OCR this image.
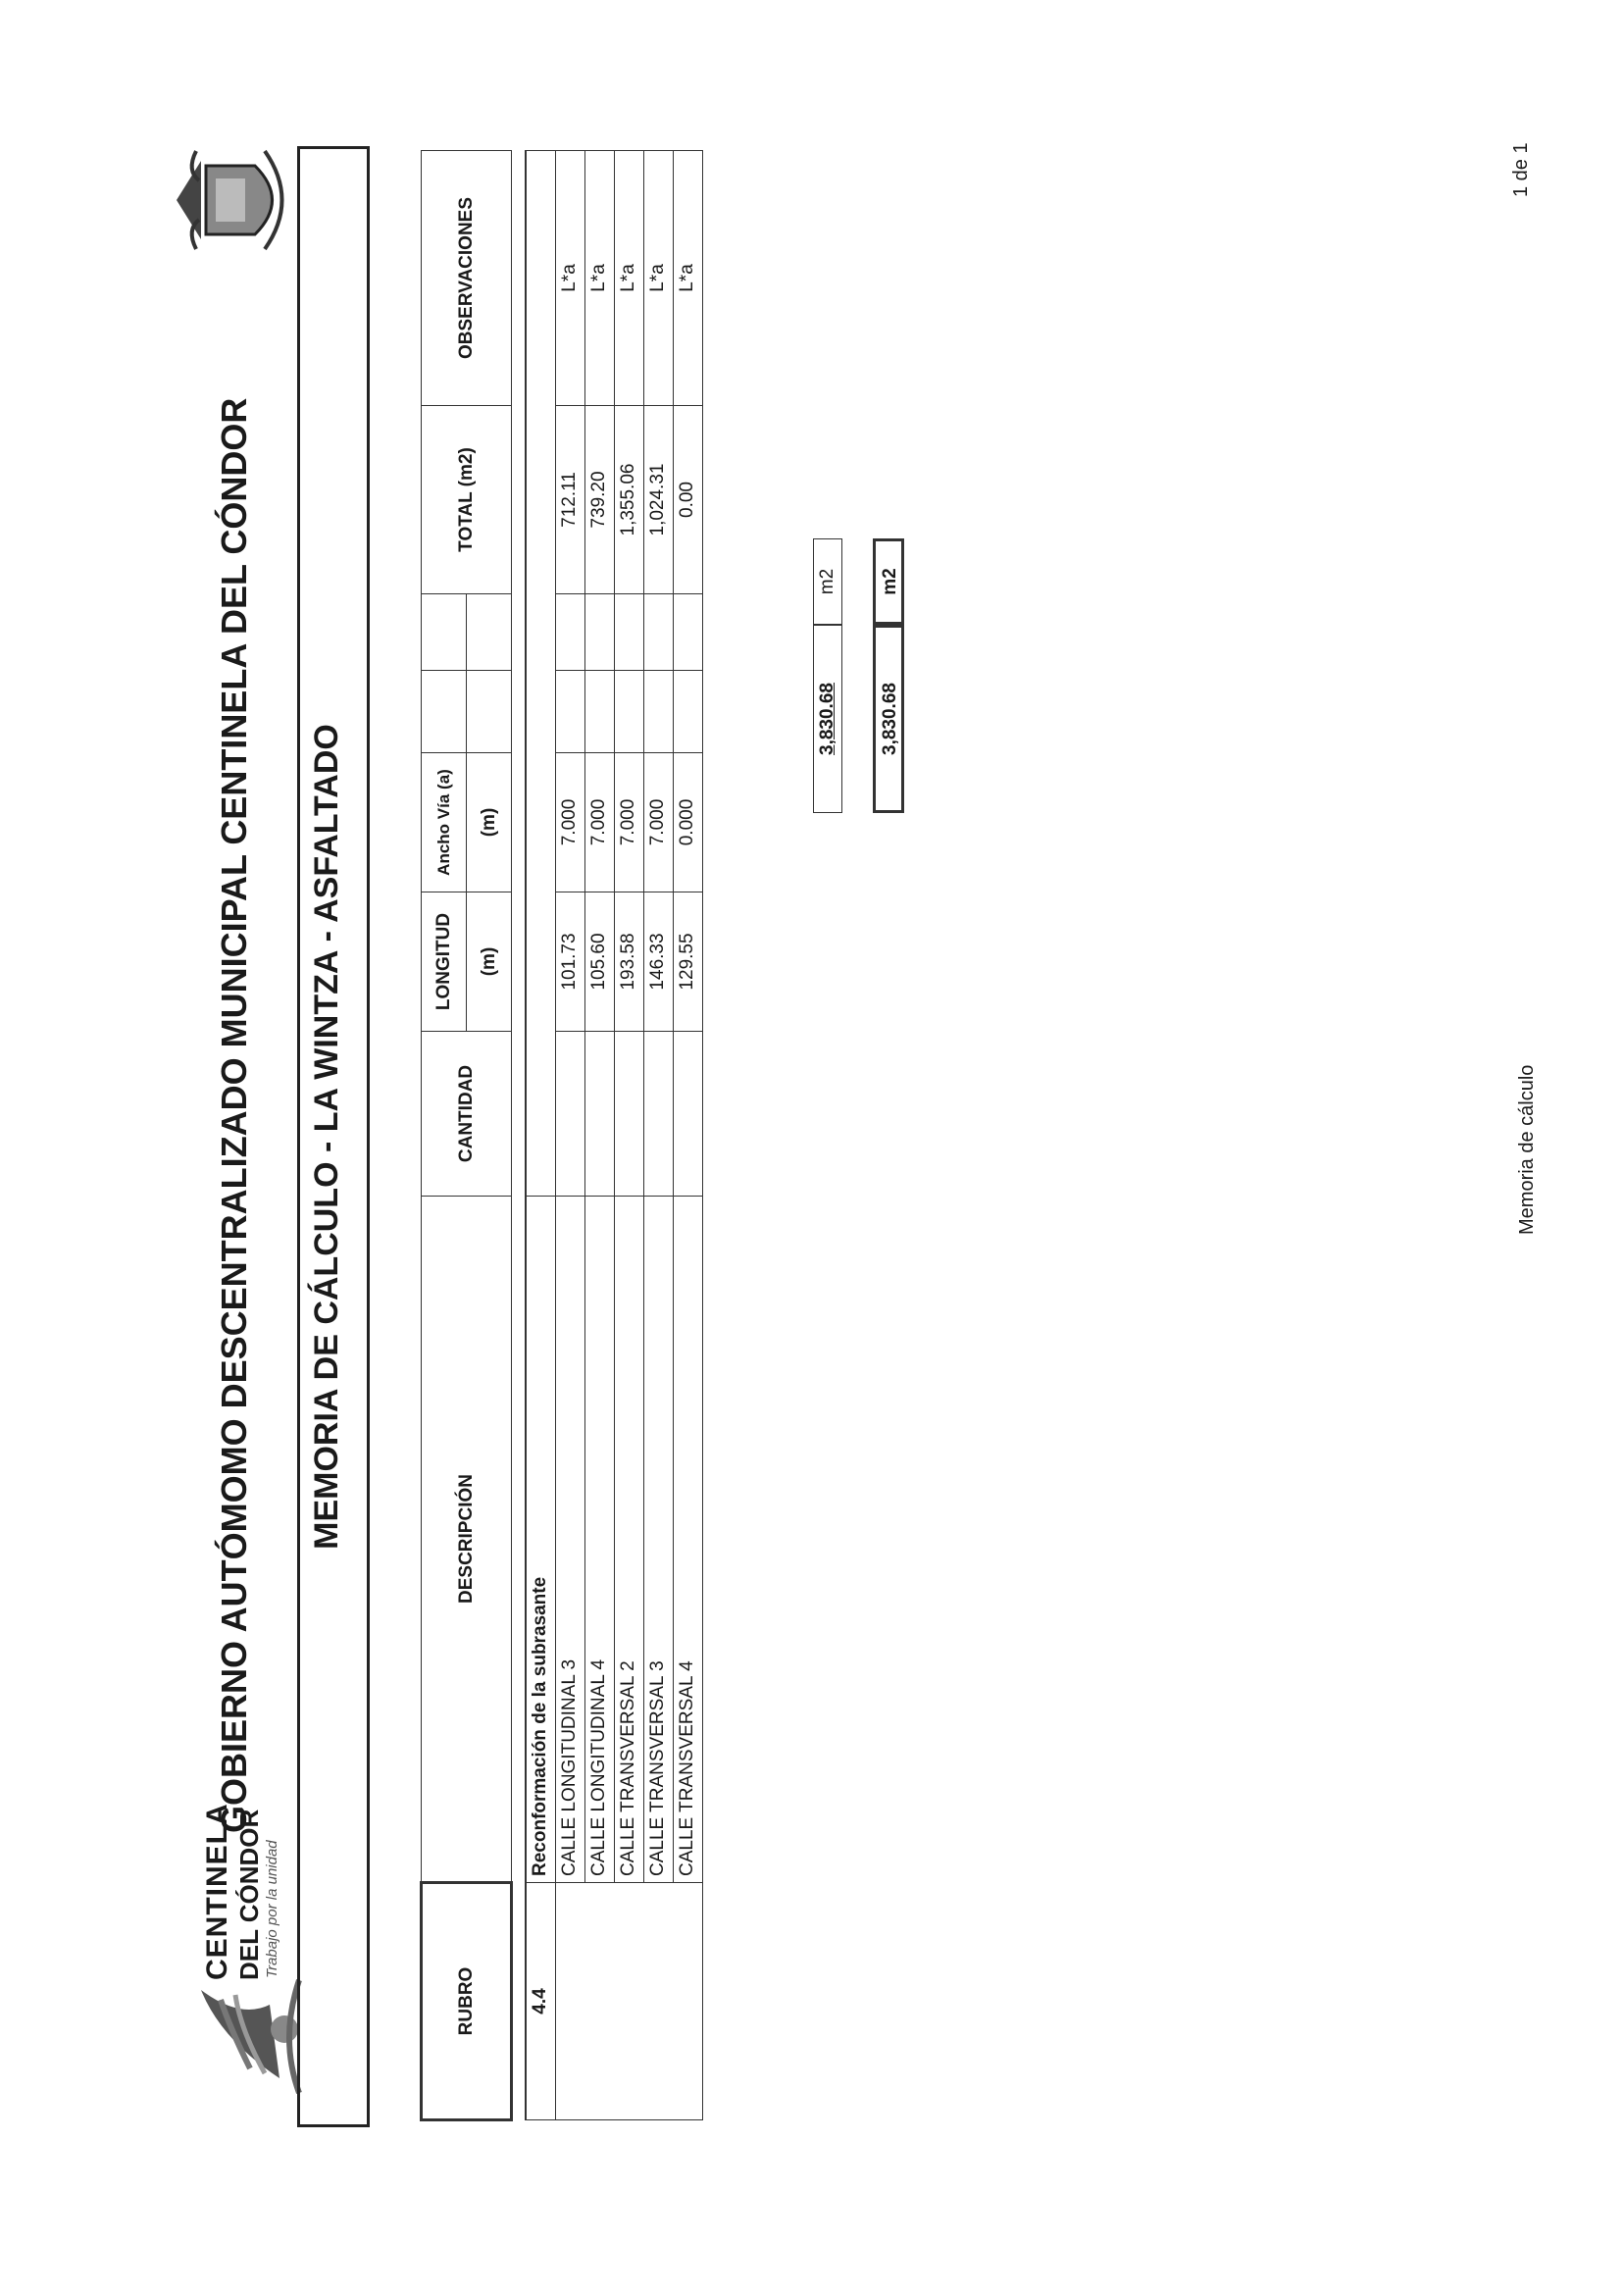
CENTINELA DEL CÓNDOR Trabajo por la unidad
GOBIERNO AUTÓMOMO DESCENTRALIZADO MUNICIPAL CENTINELA DEL CÓNDOR MEMORIA DE CÁLCULO - LA WINTZA - ASFALTADO
RUBRO	DESCRIPCIÓN	CANTIDAD	LONGITUD	Ancho Vía (a)			TOTAL (m2)	OBSERVACIONES
			(m)	(m)				

4.4	Reconformación de la subrasante							
	CALLE LONGITUDINAL 3		101.73	7.000			712.11	L*a
	CALLE LONGITUDINAL 4		105.60	7.000			739.20	L*a
	CALLE TRANSVERSAL 2		193.58	7.000			1,355.06	L*a
	CALLE TRANSVERSAL 3		146.33	7.000			1,024.31	L*a
	CALLE TRANSVERSAL 4		129.55	0.000			0.00	L*a
3,830.68
m2
3,830.68
m2
Memoria de cálculo
1 de 1
